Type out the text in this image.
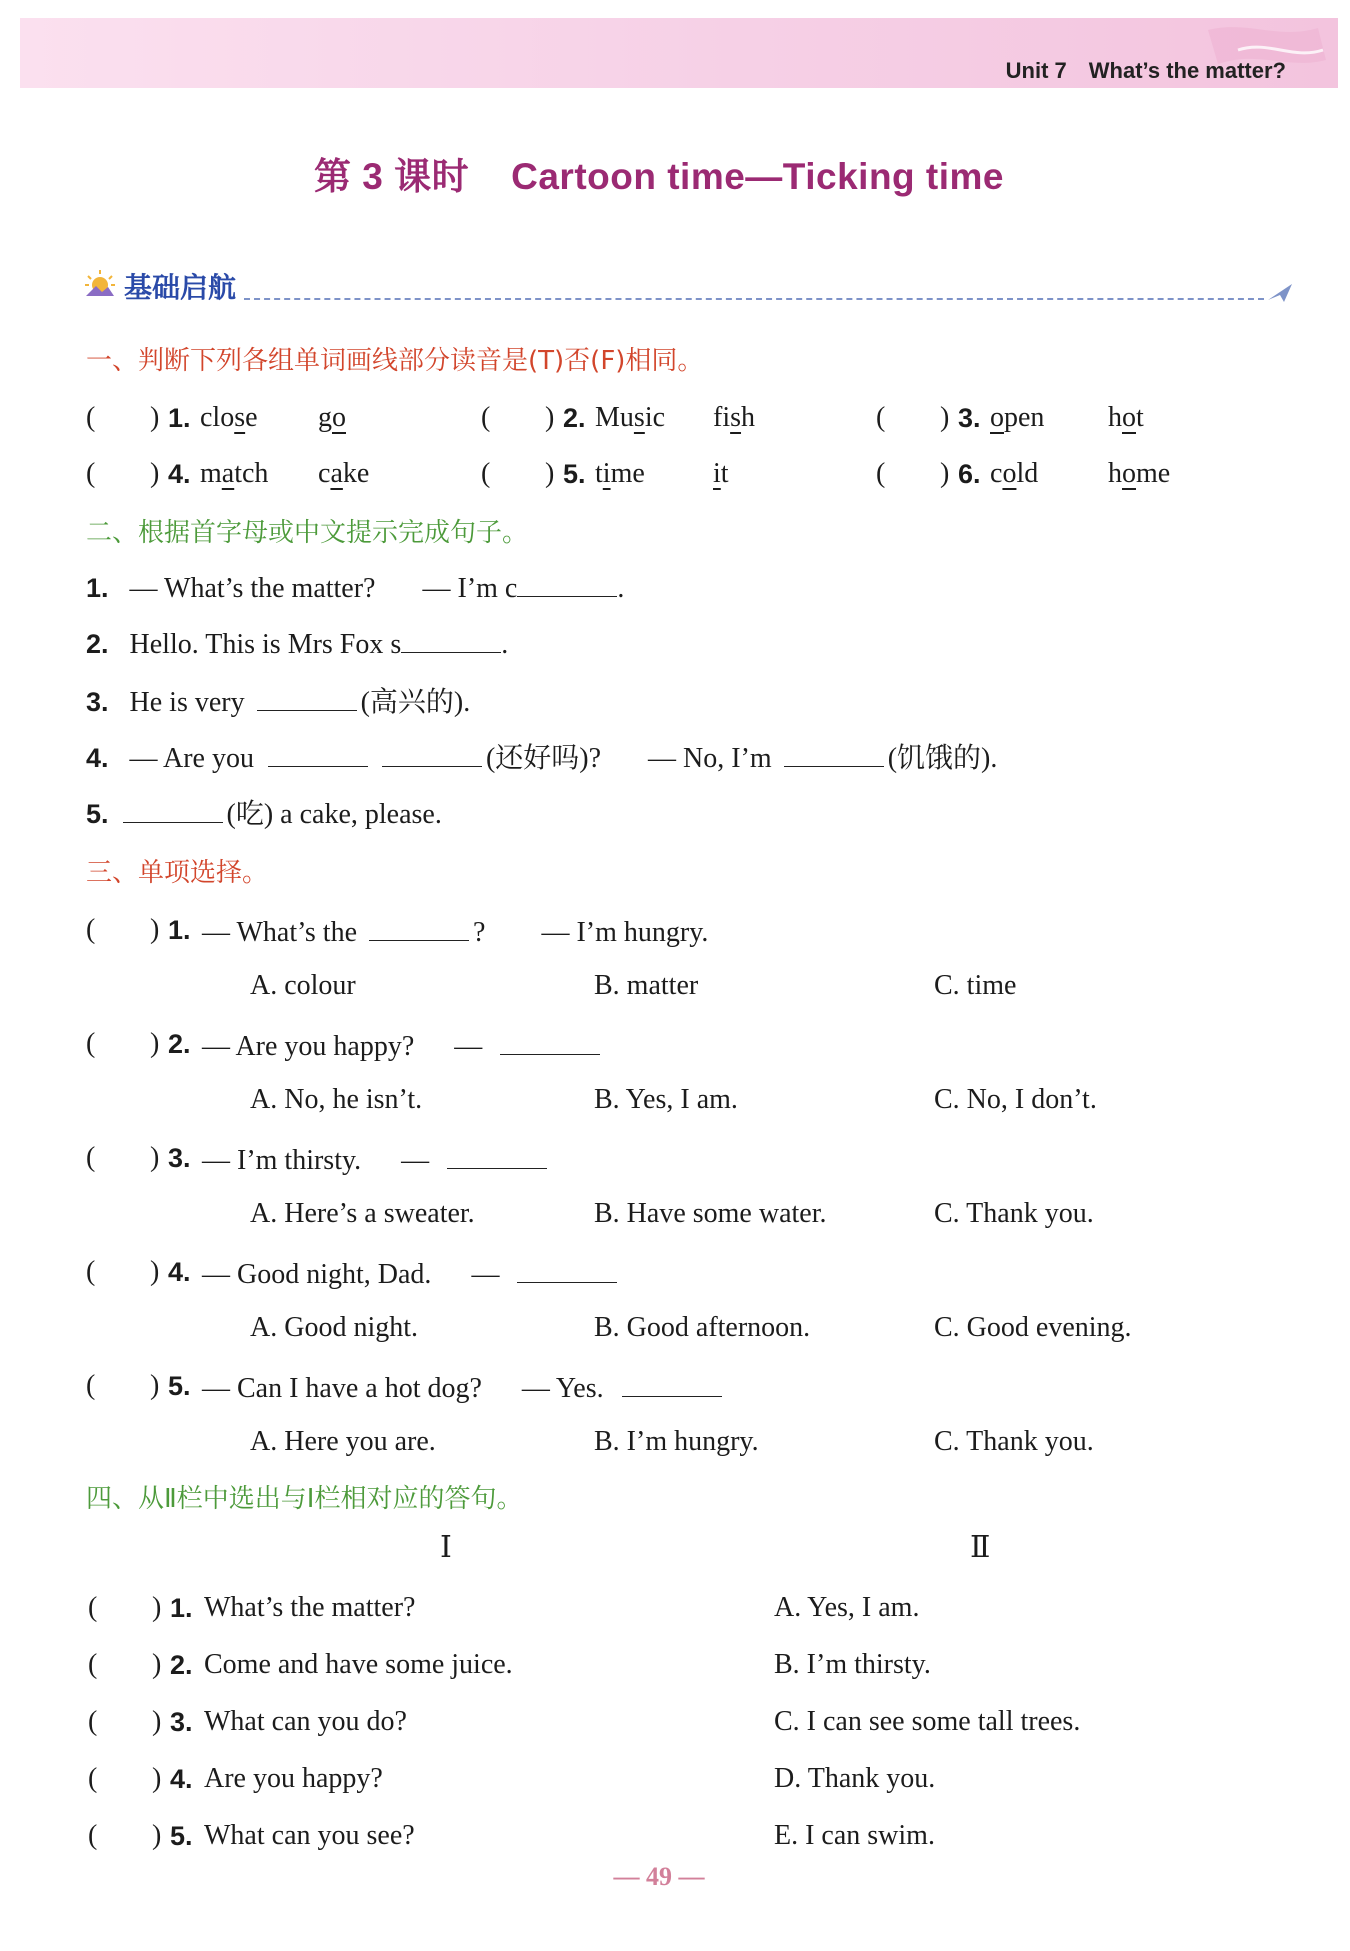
Unit 7 What’s the matter?
第 3 课时 Cartoon time—Ticking time
基础启航
一、判断下列各组单词画线部分读音是(T)否(F)相同。
( ) 1. close go	( ) 2. Music fish	( ) 3. open hot
( ) 4. match cake	( ) 5. time it	( ) 6. cold home
二、根据首字母或中文提示完成句子。
1. — What’s the matter? — I’m c	.
2. Hello. This is Mrs Fox s	.
3. He is very	(高兴的).
4. — Are you	(还好吗)? — No, I’m	(饥饿的).
5.	(吃) a cake, please.
三、单项选择。
( ) 1. — What’s the	? — I’m hungry.
A. colour	B. matter	C. time
( ) 2. — Are you happy? —
A. No, he isn’t.	B. Yes, I am.	C. No, I don’t.
( ) 3. — I’m thirsty. —
A. Here’s a sweater.	B. Have some water.	C. Thank you.
( ) 4. — Good night, Dad. —
A. Good night.	B. Good afternoon.	C. Good evening.
( ) 5. — Can I have a hot dog? — Yes.
A. Here you are.	B. I’m hungry.	C. Thank you.
四、从Ⅱ栏中选出与Ⅰ栏相对应的答句。
Ⅰ	Ⅱ
( ) 1. What’s the matter?	A. Yes, I am.
( ) 2. Come and have some juice.	B. I’m thirsty.
( ) 3. What can you do?	C. I can see some tall trees.
( ) 4. Are you happy?	D. Thank you.
( ) 5. What can you see?	E. I can swim.
— 49 —
